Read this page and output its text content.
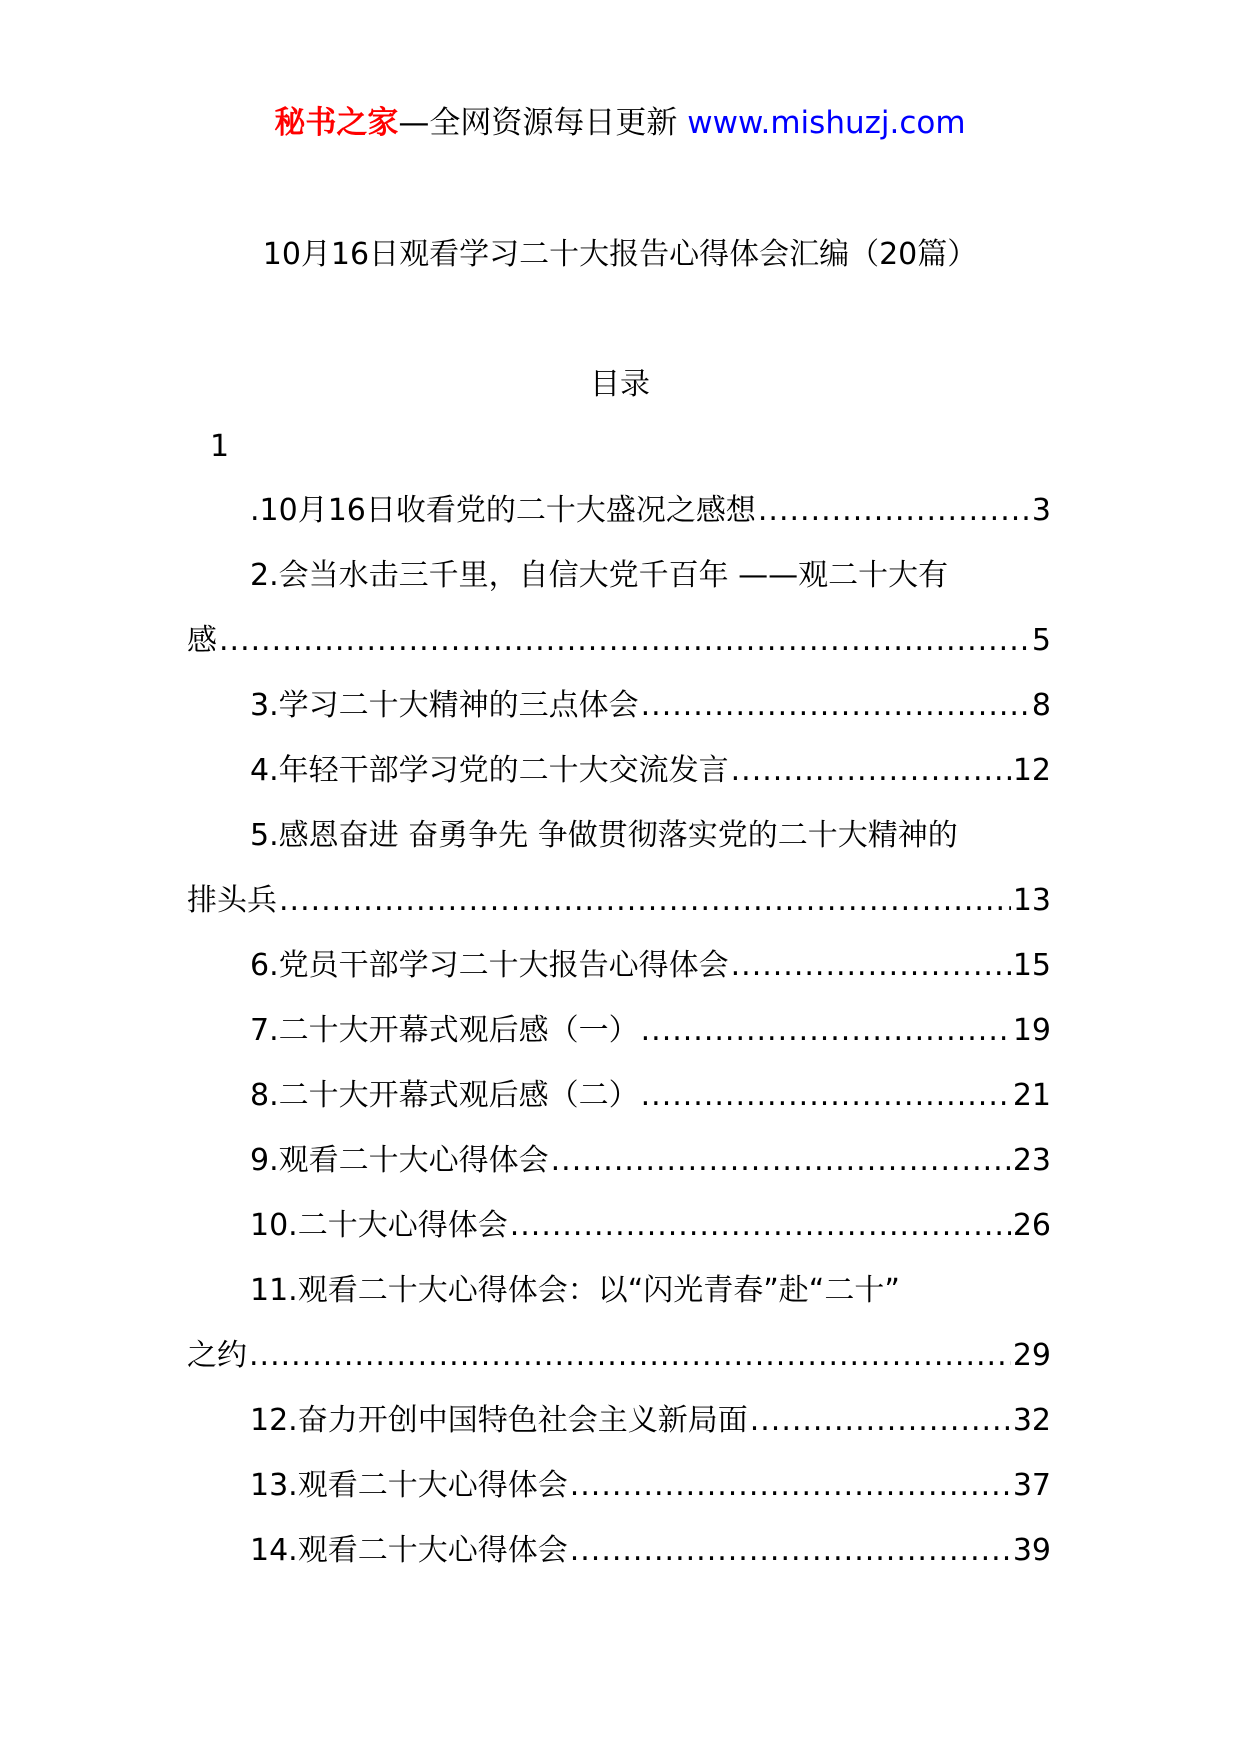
秘书之家—全网资源每日更新 www.mishuzj.com
10月16日观看学习二十大报告心得体会汇编（20篇）
目录
1
.10月16日收看党的二十大盛况之感想 .....	3
2.会当水击三千里，自信大党千百年 ——观二十大有
感 .....	5
3.学习二十大精神的三点体会 .....	8
4.年轻干部学习党的二十大交流发言 .....	12
5.感恩奋进 奋勇争先 争做贯彻落实党的二十大精神的
排头兵 .....	13
6.党员干部学习二十大报告心得体会 .....	15
7.二十大开幕式观后感（一） .....	19
8.二十大开幕式观后感（二） .....	21
9.观看二十大心得体会 .....	23
10.二十大心得体会 .....	26
11.观看二十大心得体会：以“闪光青春”赴“二十”
之约 .....	29
12.奋力开创中国特色社会主义新局面 .....	32
13.观看二十大心得体会 .....	37
14.观看二十大心得体会 .....	39
